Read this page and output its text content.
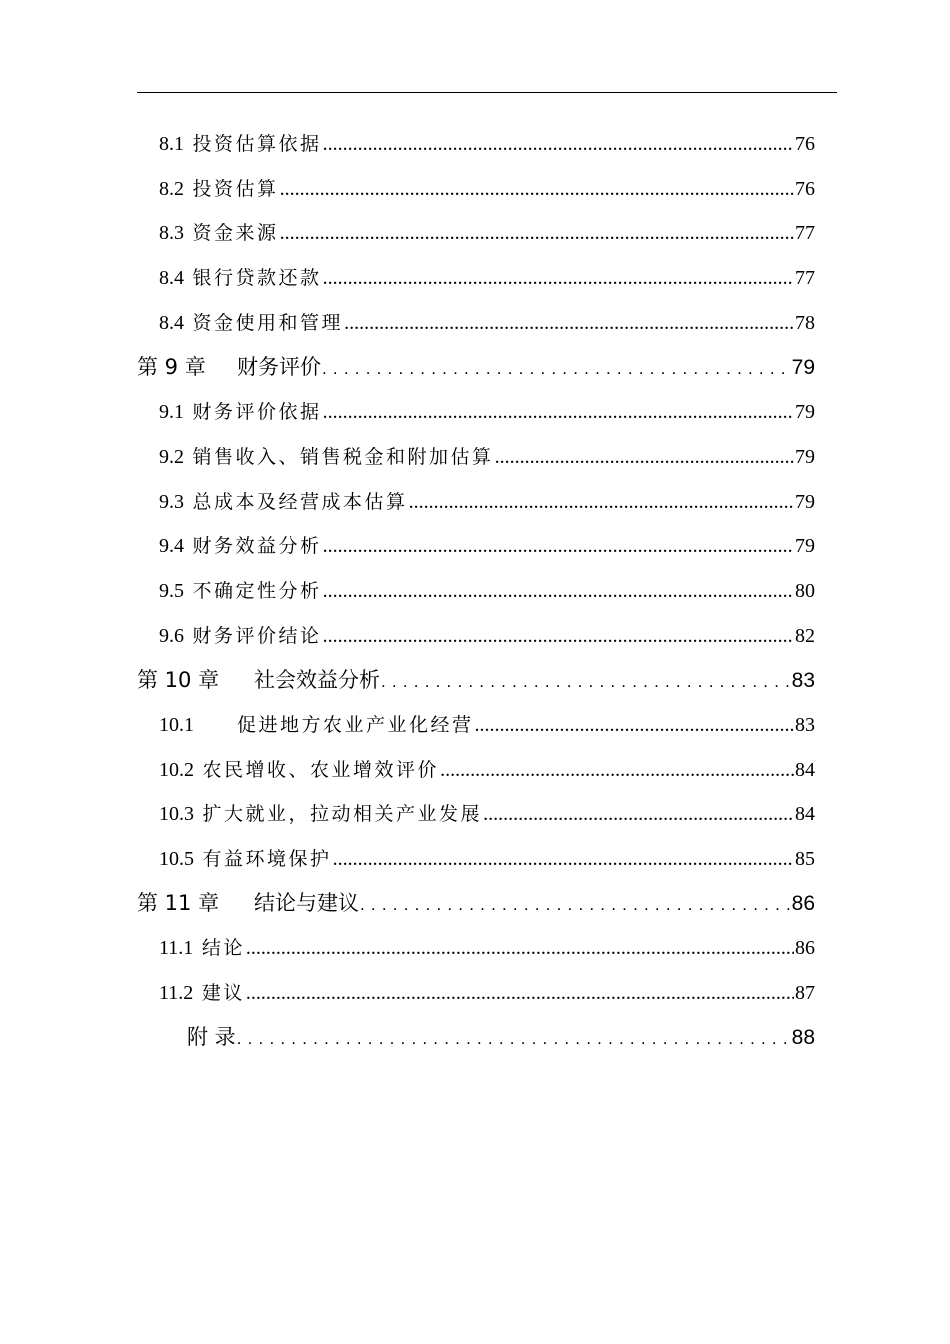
8.1 投资估算依据 .....	76
8.2 投资估算 .....	76
8.3 资金来源 .....	77
8.4 银行贷款还款 .....	77
8.4 资金使用和管理 .....	78
第 9 章	财务评价 .....	79
9.1 财务评价依据 .....	79
9.2 销售收入、销售税金和附加估算 .....	79
9.3 总成本及经营成本估算 .....	79
9.4 财务效益分析 .....	79
9.5 不确定性分析 .....	80
9.6 财务评价结论 .....	82
第 10 章	社会效益分析 .....	83
10.1 促进地方农业产业化经营 .....	83
10.2 农民增收、农业增效评价 .....	84
10.3 扩大就业，拉动相关产业发展 .....	84
10.5 有益环境保护 .....	85
第 11 章	结论与建议 .....	86
11.1 结论 .....	86
11.2 建议 .....	87
附 录 .....	88
